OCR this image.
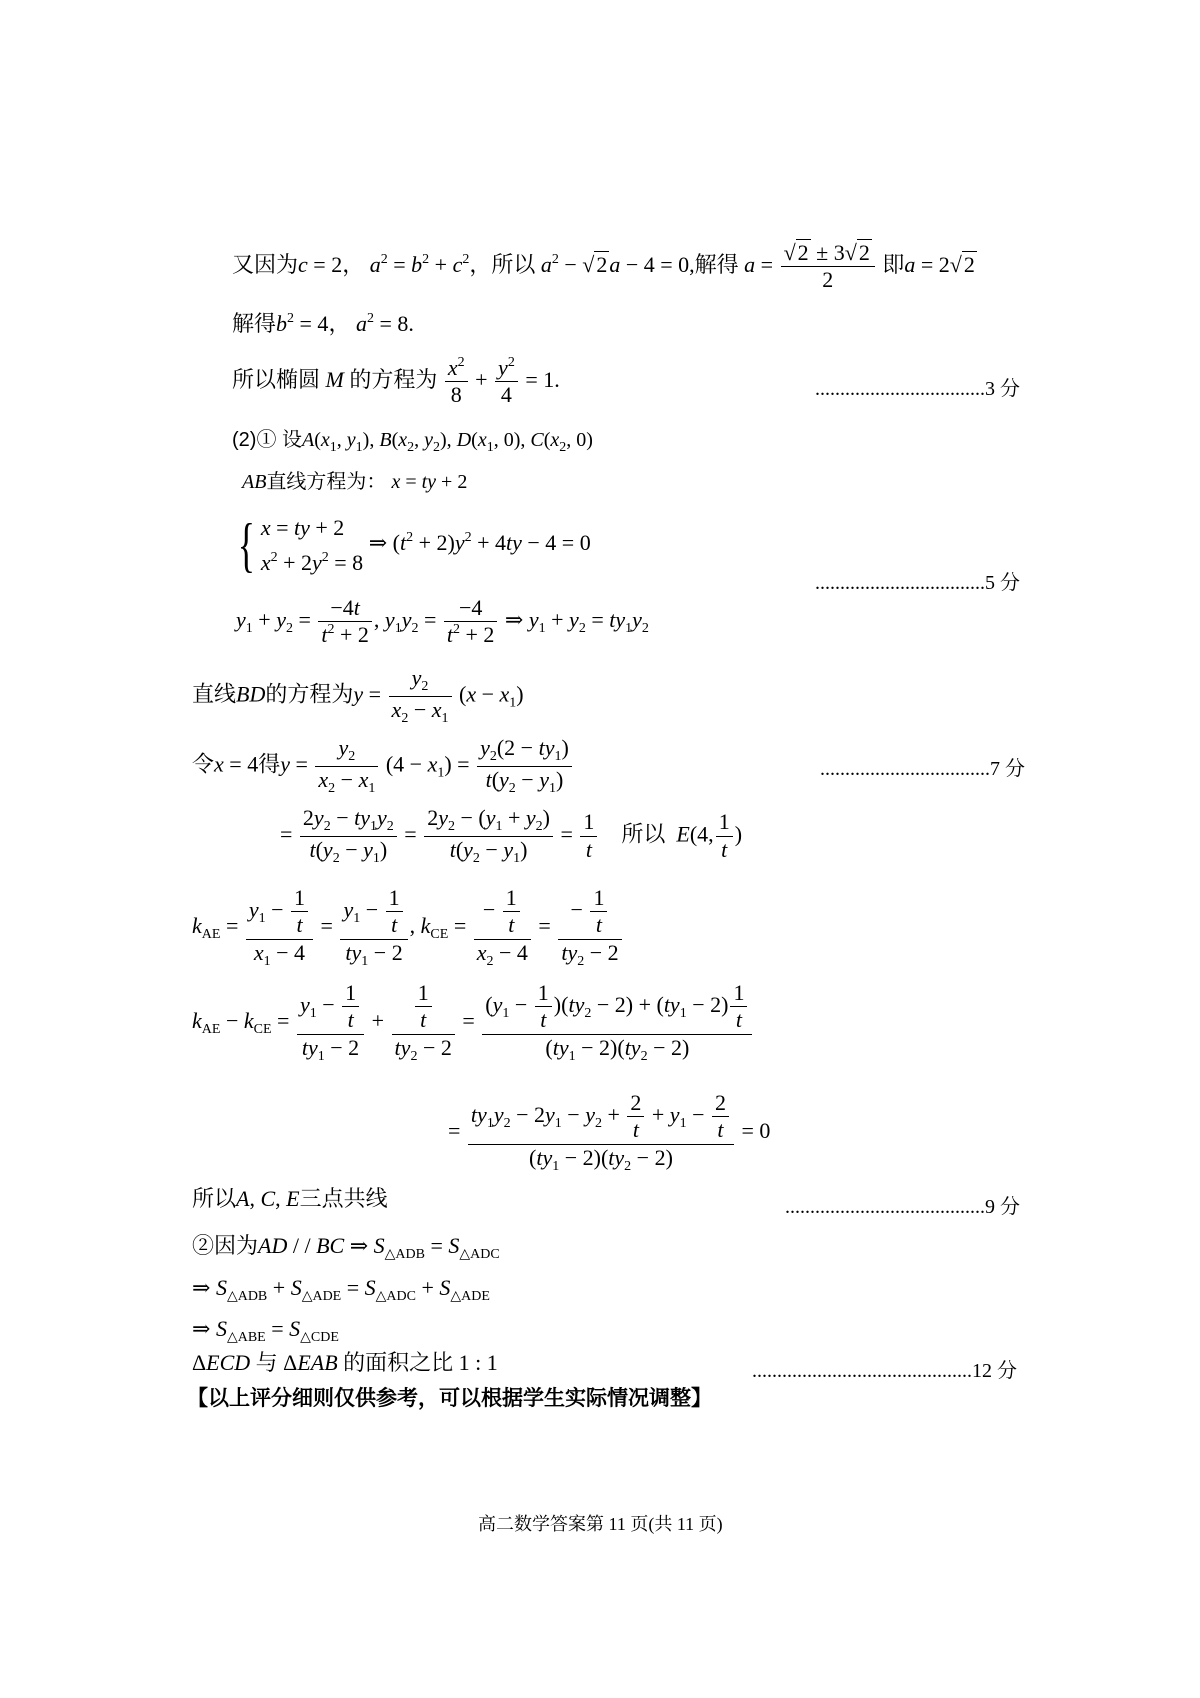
又因为c = 2， $a^2 = b^2 + c^2$，所以 $a^2 - √2a - 4 = 0$,解得 $a = \frac{√2 \pm 3√2}{2}$ 即a = 2√2
解得$b^2 = 4$， $a^2 = 8$.
所以椭圆 M 的方程为 $\frac{x^2}{8} + \frac{y^2}{4} = 1$.	..................................3 分
(2)① 设$A(x_1$, $y_1$), $B(x_2$, $y_2$), $D(x_1$, 0), $C(x_2$, 0)
AB直线方程为： x = ty + 2
{ x = ty + 2
$x^2 + 2y^2 = 8$
⇒ $(t^2 + 2)y^2 + 4ty - 4 = 0$
..................................5 分
$y_1 + y_2 = \frac{-4t}{t^2 + 2}$ , $y_1y_2 = \frac{-4}{t^2 + 2}$ ⇒ $y_1 + y_2 = ty_1y_2$
直线BD的方程为$y = \frac{y_2}{x_2 - x_1} (x - x_1)$
令x = 4得$y = \frac{y_2}{x_2 - x_1} (4 - x_1) = \frac{y_2(2 - ty_1)}{t(y_2 - y_1)}$	..................................7 分
= $\frac{2y_2 - ty_1y_2}{t(y_2 - y_1)} = \frac{2y_2 - (y_1 + y_2)}{t(y_2 - y_1)} = \frac{1}{t}$ 所以 E(4, $\frac{1}{t}$ )
$k_{AE} = \frac{y_1 - \frac{1}{t}}{x_1 - 4} = \frac{y_1 - \frac{1}{t}}{ty_1 - 2}$ , $k_{CE} = \frac{- \frac{1}{t}}{x_2 - 4} = \frac{- \frac{1}{t}}{ty_2 - 2}$
$k_{AE} - k_{CE} = \frac{y_1 - \frac{1}{t}}{ty_1 - 2} + \frac{\frac{1}{t}}{ty_2 - 2} = \frac{(y_1 - \frac{1}{t} )(ty_2 - 2) + (ty_1 - 2) \frac{1}{t}}{(ty_1 - 2)(ty_2 - 2)}$
= $\frac{ty_1y_2 - 2y_1 - y_2 + \frac{2}{t} + y_1 - \frac{2}{t}}{(ty_1 - 2)(ty_2 - 2)} = 0$
所以A, C, E三点共线	........................................9 分
②因为AD / / BC ⇒ $S_{\triangle ADB} = S_{\triangle ADC}$
⇒ $S_{\triangle ADB} + S_{\triangle ADE} = S_{\triangle ADC} + S_{\triangle ADE}$
⇒ $S_{\triangle ABE} = S_{\triangle CDE}$
ΔECD 与 ΔEAB 的面积之比 1 : 1	............................................12 分
【以上评分细则仅供参考，可以根据学生实际情况调整】
高二数学答案第 11 页(共 11 页)
